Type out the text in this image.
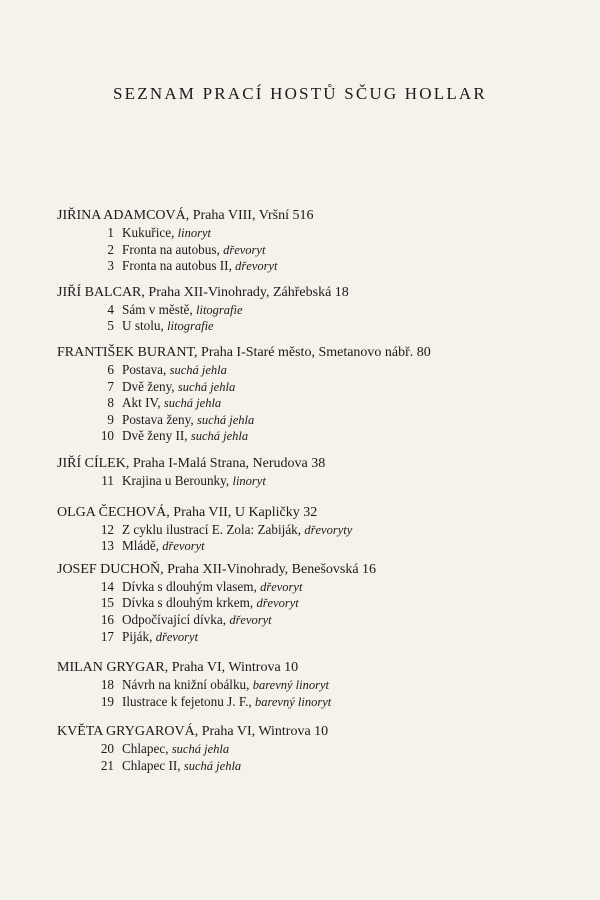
SEZNAM PRACÍ HOSTŮ SČUG HOLLAR
JIŘINA ADAMCOVÁ, Praha VIII, Vršní 516
1 Kukuřice, linoryt
2 Fronta na autobus, dřevoryt
3 Fronta na autobus II, dřevoryt
JIŘÍ BALCAR, Praha XII-Vinohrady, Záhřebská 18
4 Sám v městě, litografie
5 U stolu, litografie
FRANTIŠEK BURANT, Praha I-Staré město, Smetanovo nábř. 80
6 Postava, suchá jehla
7 Dvě ženy, suchá jehla
8 Akt IV, suchá jehla
9 Postava ženy, suchá jehla
10 Dvě ženy II, suchá jehla
JIŘÍ CÍLEK, Praha I-Malá Strana, Nerudova 38
11 Krajina u Berounky, linoryt
OLGA ČECHOVÁ, Praha VII, U Kapličky 32
12 Z cyklu ilustrací E. Zola: Zabiják, dřevoryty
13 Mládě, dřevoryt
JOSEF DUCHOŇ, Praha XII-Vinohrady, Benešovská 16
14 Dívka s dlouhým vlasem, dřevoryt
15 Dívka s dlouhým krkem, dřevoryt
16 Odpočívající dívka, dřevoryt
17 Piják, dřevoryt
MILAN GRYGAR, Praha VI, Wintrova 10
18 Návrh na knižní obálku, barevný linoryt
19 Ilustrace k fejetonu J. F., barevný linoryt
KVĚTA GRYGAROVÁ, Praha VI, Wintrova 10
20 Chlapec, suchá jehla
21 Chlapec II, suchá jehla
